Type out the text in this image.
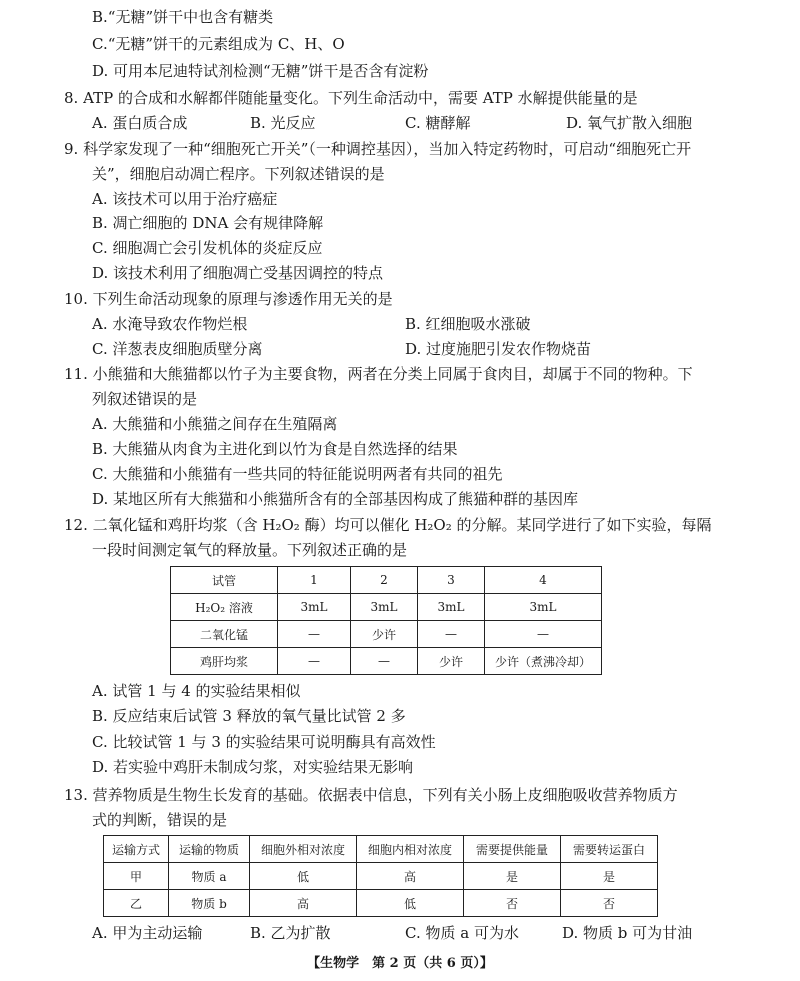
B.“无糖”饼干中也含有糖类
C.“无糖”饼干的元素组成为 C、H、O
D. 可用本尼迪特试剂检测“无糖”饼干是否含有淀粉
8. ATP 的合成和水解都伴随能量变化。下列生命活动中，需要 ATP 水解提供能量的是
A. 蛋白质合成	B. 光反应	C. 糖酵解	D. 氧气扩散入细胞
9. 科学家发现了一种“细胞死亡开关”（一种调控基因），当加入特定药物时，可启动“细胞死亡开
关”，细胞启动凋亡程序。下列叙述错误的是
A. 该技术可以用于治疗癌症
B. 凋亡细胞的 DNA 会有规律降解
C. 细胞凋亡会引发机体的炎症反应
D. 该技术利用了细胞凋亡受基因调控的特点
10. 下列生命活动现象的原理与渗透作用无关的是
A. 水淹导致农作物烂根	B. 红细胞吸水涨破
C. 洋葱表皮细胞质壁分离	D. 过度施肥引发农作物烧苗
11. 小熊猫和大熊猫都以竹子为主要食物，两者在分类上同属于食肉目，却属于不同的物种。下
列叙述错误的是
A. 大熊猫和小熊猫之间存在生殖隔离
B. 大熊猫从肉食为主进化到以竹为食是自然选择的结果
C. 大熊猫和小熊猫有一些共同的特征能说明两者有共同的祖先
D. 某地区所有大熊猫和小熊猫所含有的全部基因构成了熊猫种群的基因库
12. 二氧化锰和鸡肝均浆（含 H₂O₂ 酶）均可以催化 H₂O₂ 的分解。某同学进行了如下实验，每隔
一段时间测定氧气的释放量。下列叙述正确的是
试管	1	2	3	4
H₂O₂ 溶液	3mL	3mL	3mL	3mL
二氧化锰	—	少许	—	—
鸡肝均浆	—	—	少许	少许（煮沸冷却）
A. 试管 1 与 4 的实验结果相似
B. 反应结束后试管 3 释放的氧气量比试管 2 多
C. 比较试管 1 与 3 的实验结果可说明酶具有高效性
D. 若实验中鸡肝未制成匀浆，对实验结果无影响
13. 营养物质是生物生长发育的基础。依据表中信息，下列有关小肠上皮细胞吸收营养物质方
式的判断，错误的是
运输方式	运输的物质	细胞外相对浓度	细胞内相对浓度	需要提供能量	需要转运蛋白
甲	物质 a	低	高	是	是
乙	物质 b	高	低	否	否
A. 甲为主动运输	B. 乙为扩散	C. 物质 a 可为水	D. 物质 b 可为甘油
【生物学　第 2 页（共 6 页）】
